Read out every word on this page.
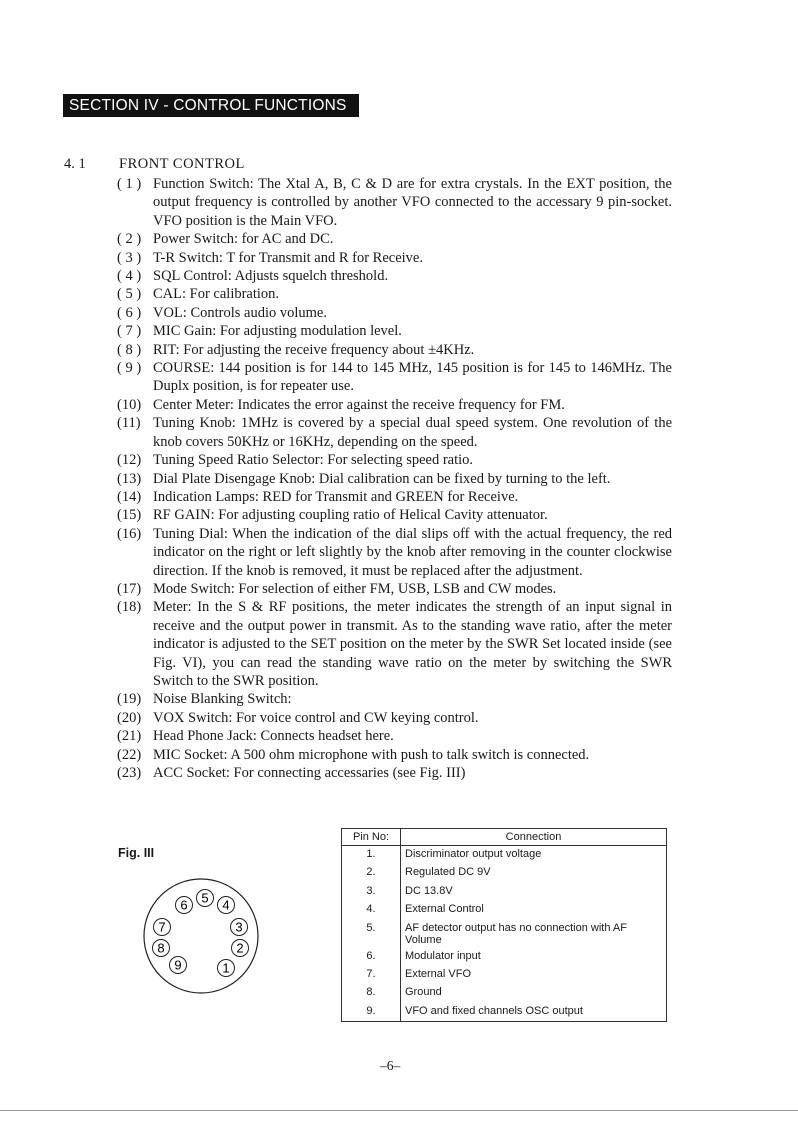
SECTION IV - CONTROL FUNCTIONS
4. 1 FRONT CONTROL
( 1 ) Function Switch: The Xtal A, B, C & D are for extra crystals. In the EXT position, the output frequency is controlled by another VFO connected to the accessary 9 pin-socket. VFO position is the Main VFO.
( 2 ) Power Switch: for AC and DC.
( 3 ) T-R Switch: T for Transmit and R for Receive.
( 4 ) SQL Control: Adjusts squelch threshold.
( 5 ) CAL: For calibration.
( 6 ) VOL: Controls audio volume.
( 7 ) MIC Gain: For adjusting modulation level.
( 8 ) RIT: For adjusting the receive frequency about ±4KHz.
( 9 ) COURSE: 144 position is for 144 to 145 MHz, 145 position is for 145 to 146MHz. The Duplx position, is for repeater use.
(10) Center Meter: Indicates the error against the receive frequency for FM.
(11) Tuning Knob: 1MHz is covered by a special dual speed system. One revolution of the knob covers 50KHz or 16KHz, depending on the speed.
(12) Tuning Speed Ratio Selector: For selecting speed ratio.
(13) Dial Plate Disengage Knob: Dial calibration can be fixed by turning to the left.
(14) Indication Lamps: RED for Transmit and GREEN for Receive.
(15) RF GAIN: For adjusting coupling ratio of Helical Cavity attenuator.
(16) Tuning Dial: When the indication of the dial slips off with the actual frequency, the red indicator on the right or left slightly by the knob after removing in the counter clockwise direction. If the knob is removed, it must be replaced after the adjustment.
(17) Mode Switch: For selection of either FM, USB, LSB and CW modes.
(18) Meter: In the S & RF positions, the meter indicates the strength of an input signal in receive and the output power in transmit. As to the standing wave ratio, after the meter indicator is adjusted to the SET position on the meter by the SWR Set located inside (see Fig. VI), you can read the standing wave ratio on the meter by switching the SWR Switch to the SWR position.
(19) Noise Blanking Switch:
(20) VOX Switch: For voice control and CW keying control.
(21) Head Phone Jack: Connects headset here.
(22) MIC Socket: A 500 ohm microphone with push to talk switch is connected.
(23) ACC Socket: For connecting accessaries (see Fig. III)
Fig. III
1
2
3
4
5
6
7
8
9
Pin No:	Connection
1.	Discriminator output voltage
2.	Regulated DC 9V
3.	DC 13.8V
4.	External Control
5.	AF detector output has no connection with AF Volume
6.	Modulator input
7.	External VFO
8.	Ground
9.	VFO and fixed channels OSC output
–6–
